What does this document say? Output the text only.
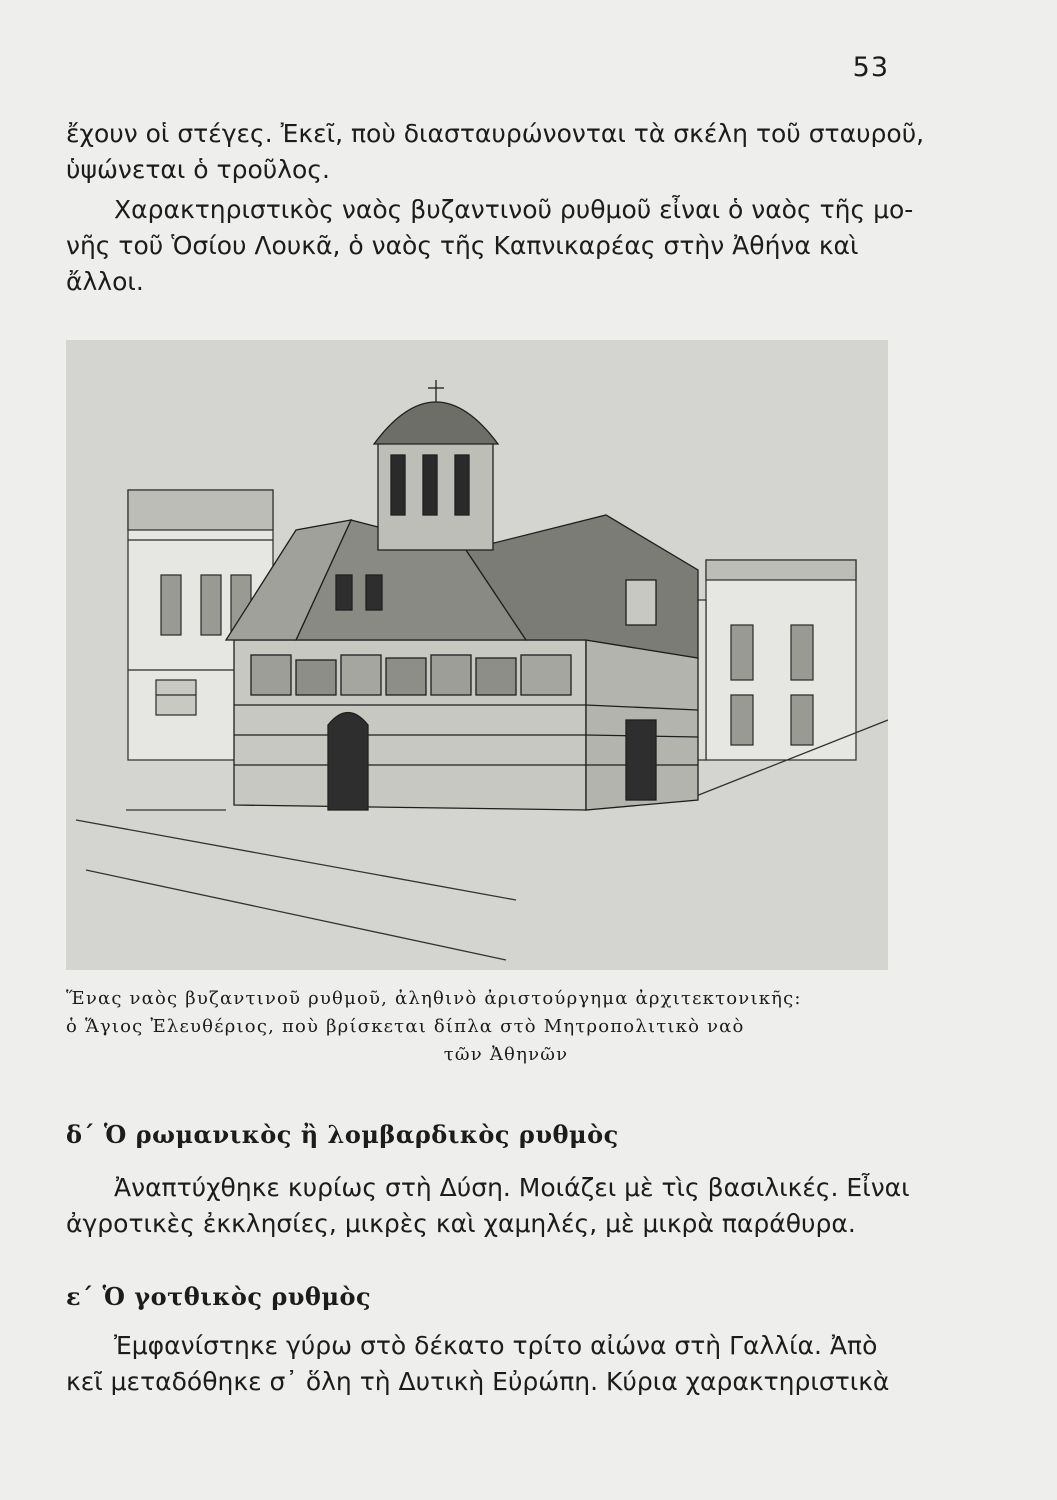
53

ἔχουν οἱ στέγες. Ἐκεῖ, ποὺ διασταυρώνονται τὰ σκέλη τοῦ σταυροῦ,
ὑψώνεται ὁ τροῦλος.

Χαρακτηριστικὸς ναὸς βυζαντινοῦ ρυθμοῦ εἶναι ὁ ναὸς τῆς μο-
νῆς τοῦ Ὁσίου Λουκᾶ, ὁ ναὸς τῆς Καπνικαρέας στὴν Ἀθήνα καὶ
ἄλλοι.

Ἕνας ναὸς βυζαντινοῦ ρυθμοῦ, ἀληθινὸ ἀριστούργημα ἀρχιτεκτονικῆς:
ὁ Ἅγιος Ἐλευθέριος, ποὺ βρίσκεται δίπλα στὸ Μητροπολιτικὸ ναὸ
τῶν Ἀθηνῶν
δ΄ Ὁ ρωμανικὸς ἢ λομβαρδικὸς ρυθμὸς

Ἀναπτύχθηκε κυρίως στὴ Δύση. Μοιάζει μὲ τὶς βασιλικές. Εἶναι
ἀγροτικὲς ἐκκλησίες, μικρὲς καὶ χαμηλές, μὲ μικρὰ παράθυρα.

ε΄ Ὁ γοτθικὸς ρυθμὸς

Ἐμφανίστηκε γύρω στὸ δέκατο τρίτο αἰώνα στὴ Γαλλία. Ἀπὸ
κεῖ μεταδόθηκε σ᾽ ὅλη τὴ Δυτικὴ Εὐρώπη. Κύρια χαρακτηριστικὰ
